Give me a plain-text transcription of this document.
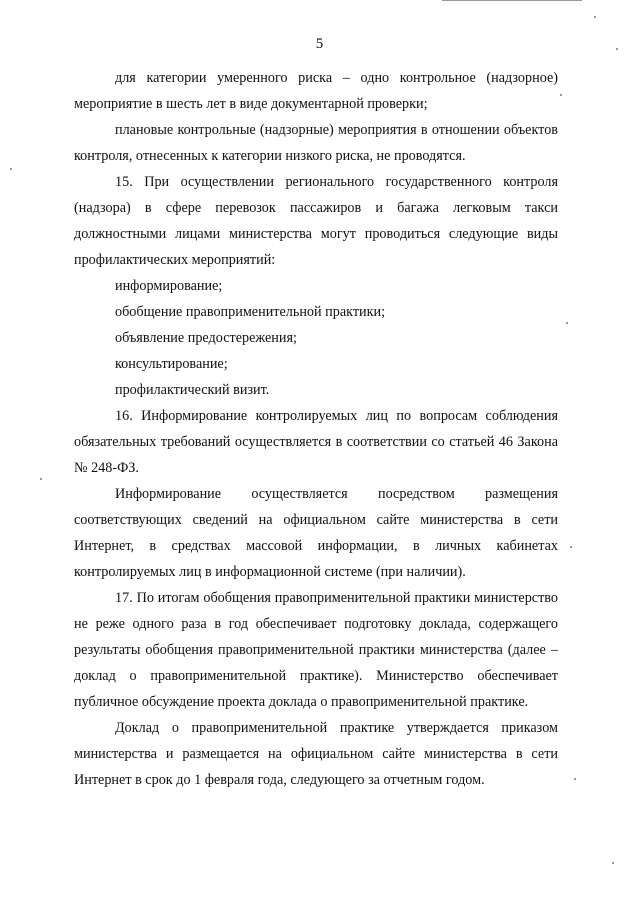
5

для категории умеренного риска – одно контрольное (надзорное) мероприятие в шесть лет в виде документарной проверки;

плановые контрольные (надзорные) мероприятия в отношении объектов контроля, отнесенных к категории низкого риска, не проводятся.

15. При осуществлении регионального государственного контроля (надзора) в сфере перевозок пассажиров и багажа легковым такси должностными лицами министерства могут проводиться следующие виды профилактических мероприятий:

информирование;

обобщение правоприменительной практики;

объявление предостережения;

консультирование;

профилактический визит.

16. Информирование контролируемых лиц по вопросам соблюдения обязательных требований осуществляется в соответствии со статьей 46 Закона № 248-ФЗ.

Информирование осуществляется посредством размещения соответствующих сведений на официальном сайте министерства в сети Интернет, в средствах массовой информации, в личных кабинетах контролируемых лиц в информационной системе (при наличии).

17. По итогам обобщения правоприменительной практики министерство не реже одного раза в год обеспечивает подготовку доклада, содержащего результаты обобщения правоприменительной практики министерства (далее – доклад о правоприменительной практике). Министерство обеспечивает публичное обсуждение проекта доклада о правоприменительной практике.

Доклад о правоприменительной практике утверждается приказом министерства и размещается на официальном сайте министерства в сети Интернет в срок до 1 февраля года, следующего за отчетным годом.
